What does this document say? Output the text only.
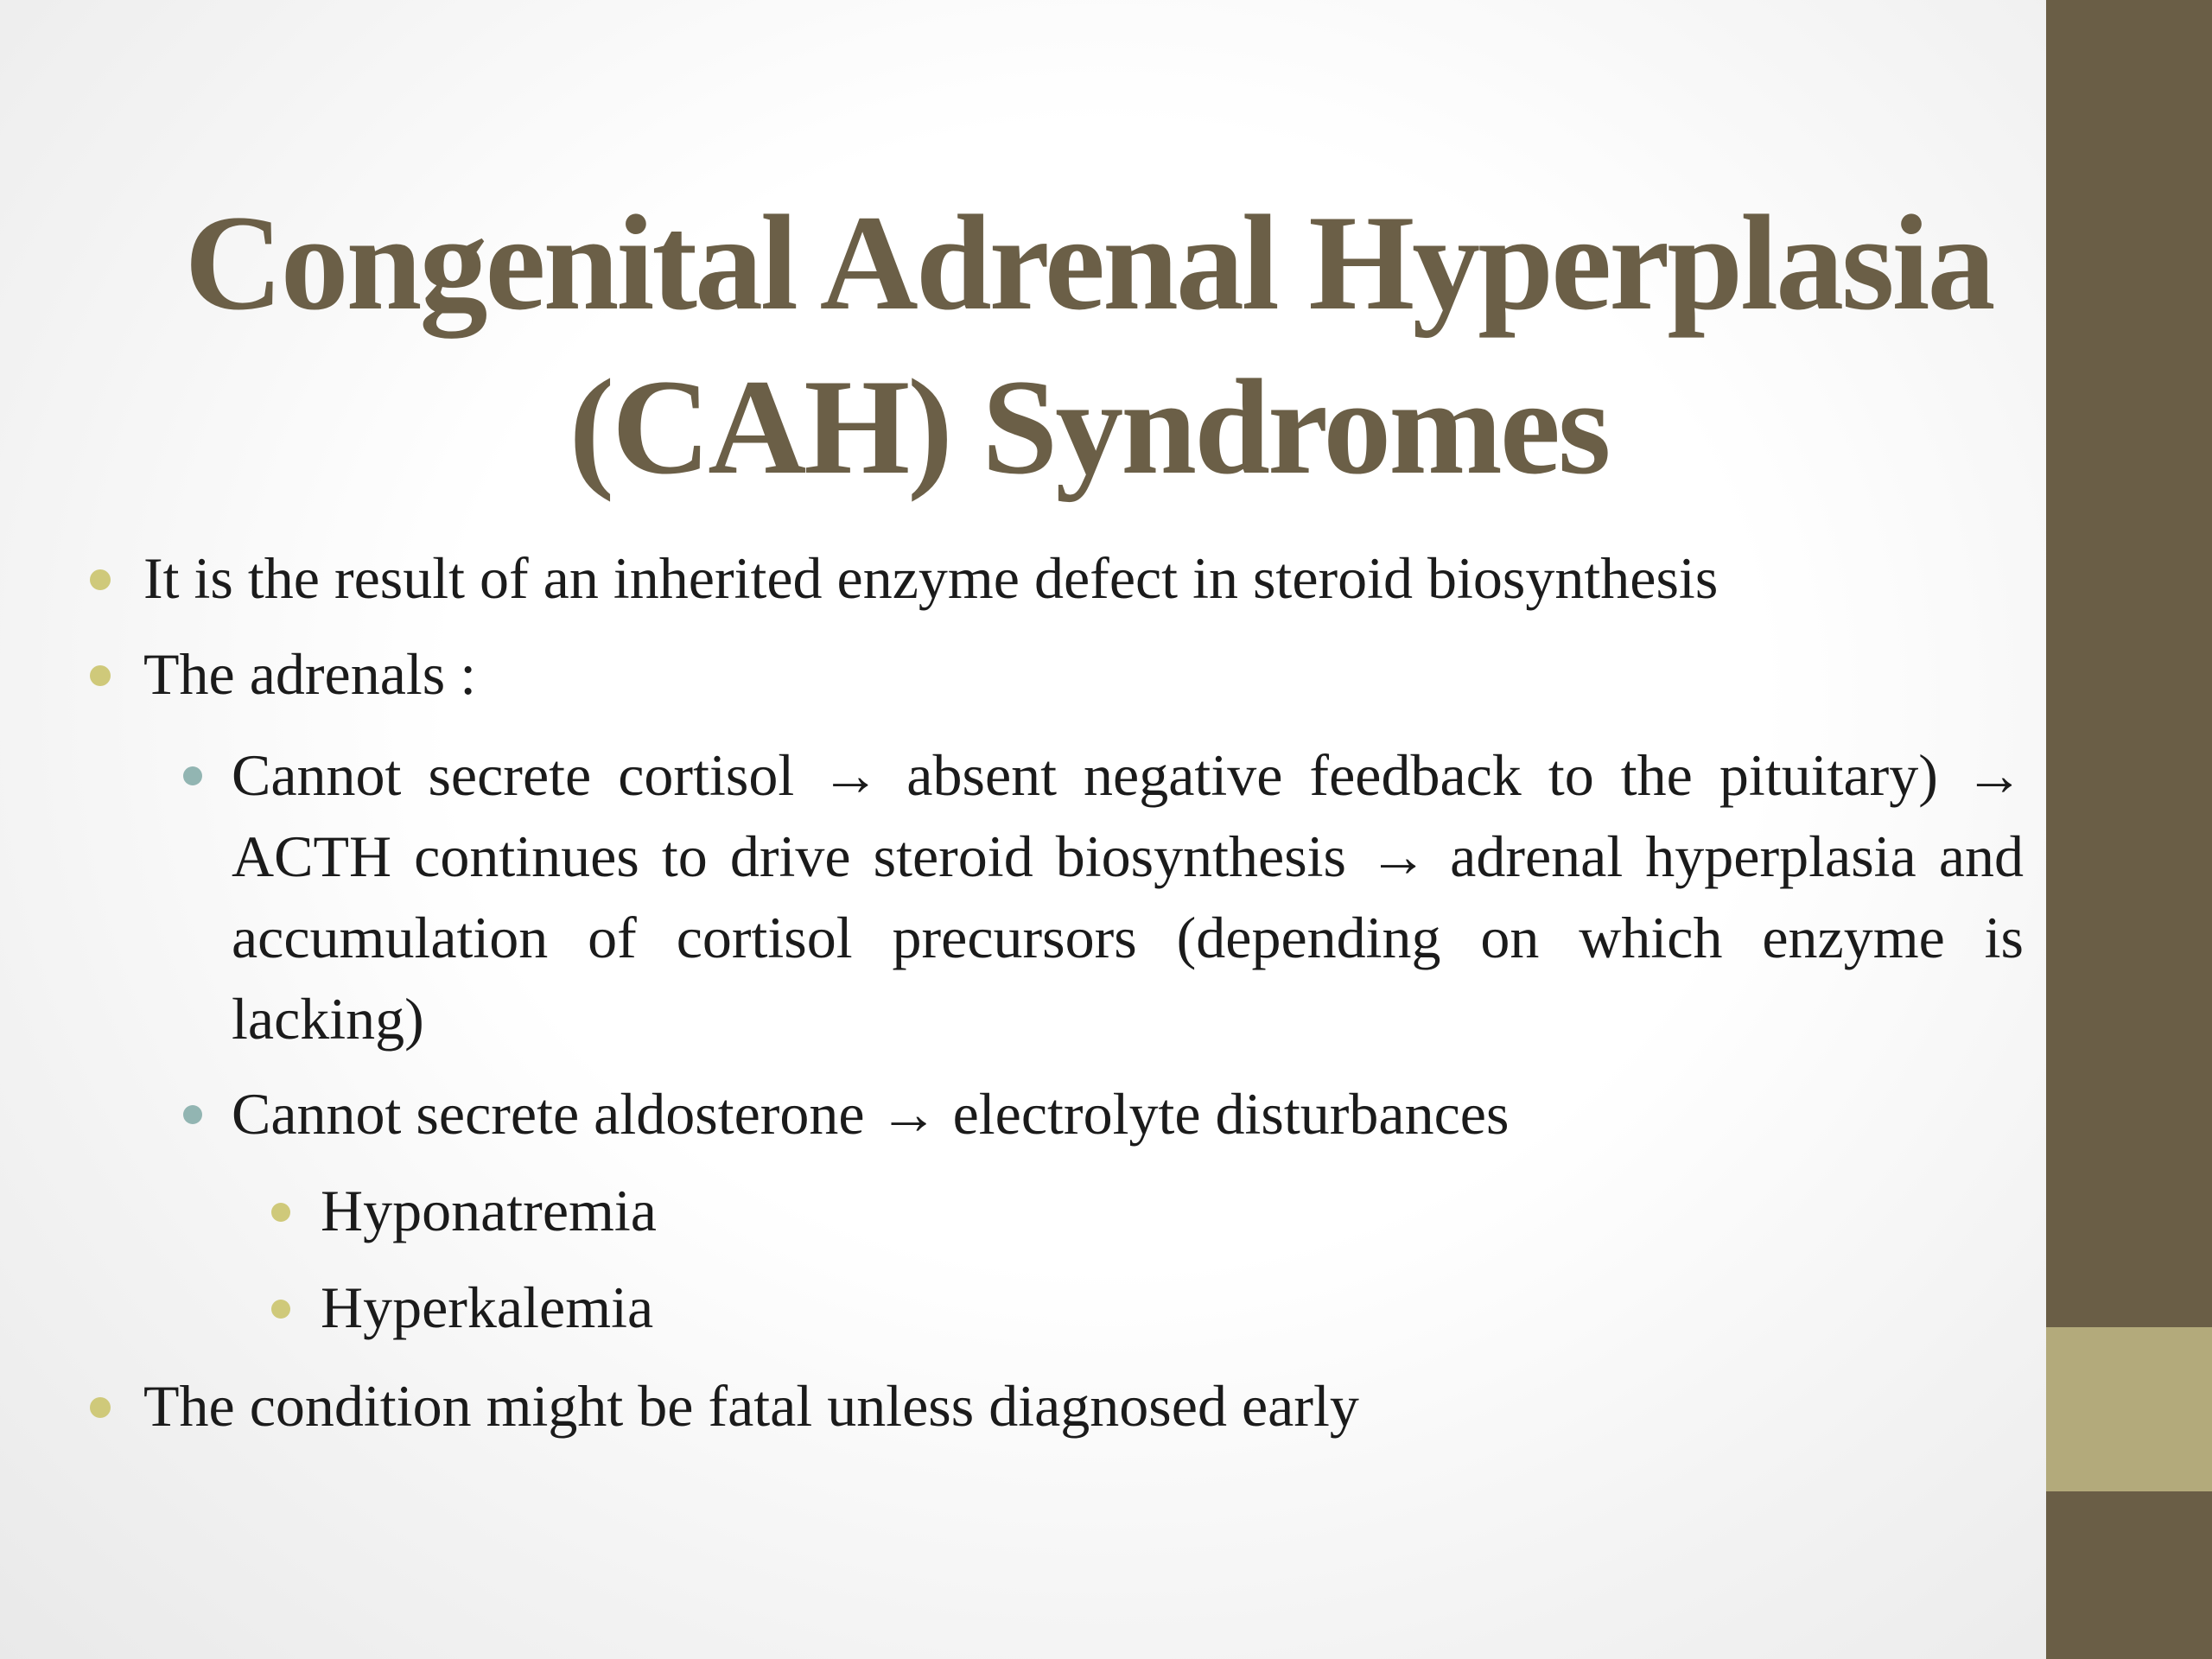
Congenital Adrenal Hyperplasia
(CAH) Syndromes
It is the result of an inherited enzyme defect in steroid biosynthesis
The adrenals :
Cannot secrete cortisol → absent negative feedback to the pituitary) → ACTH continues to drive steroid biosynthesis → adrenal hyperplasia and accumulation of cortisol precursors (depending on which enzyme is lacking)
Cannot secrete aldosterone → electrolyte disturbances
Hyponatremia
Hyperkalemia
The condition might be fatal unless diagnosed early
